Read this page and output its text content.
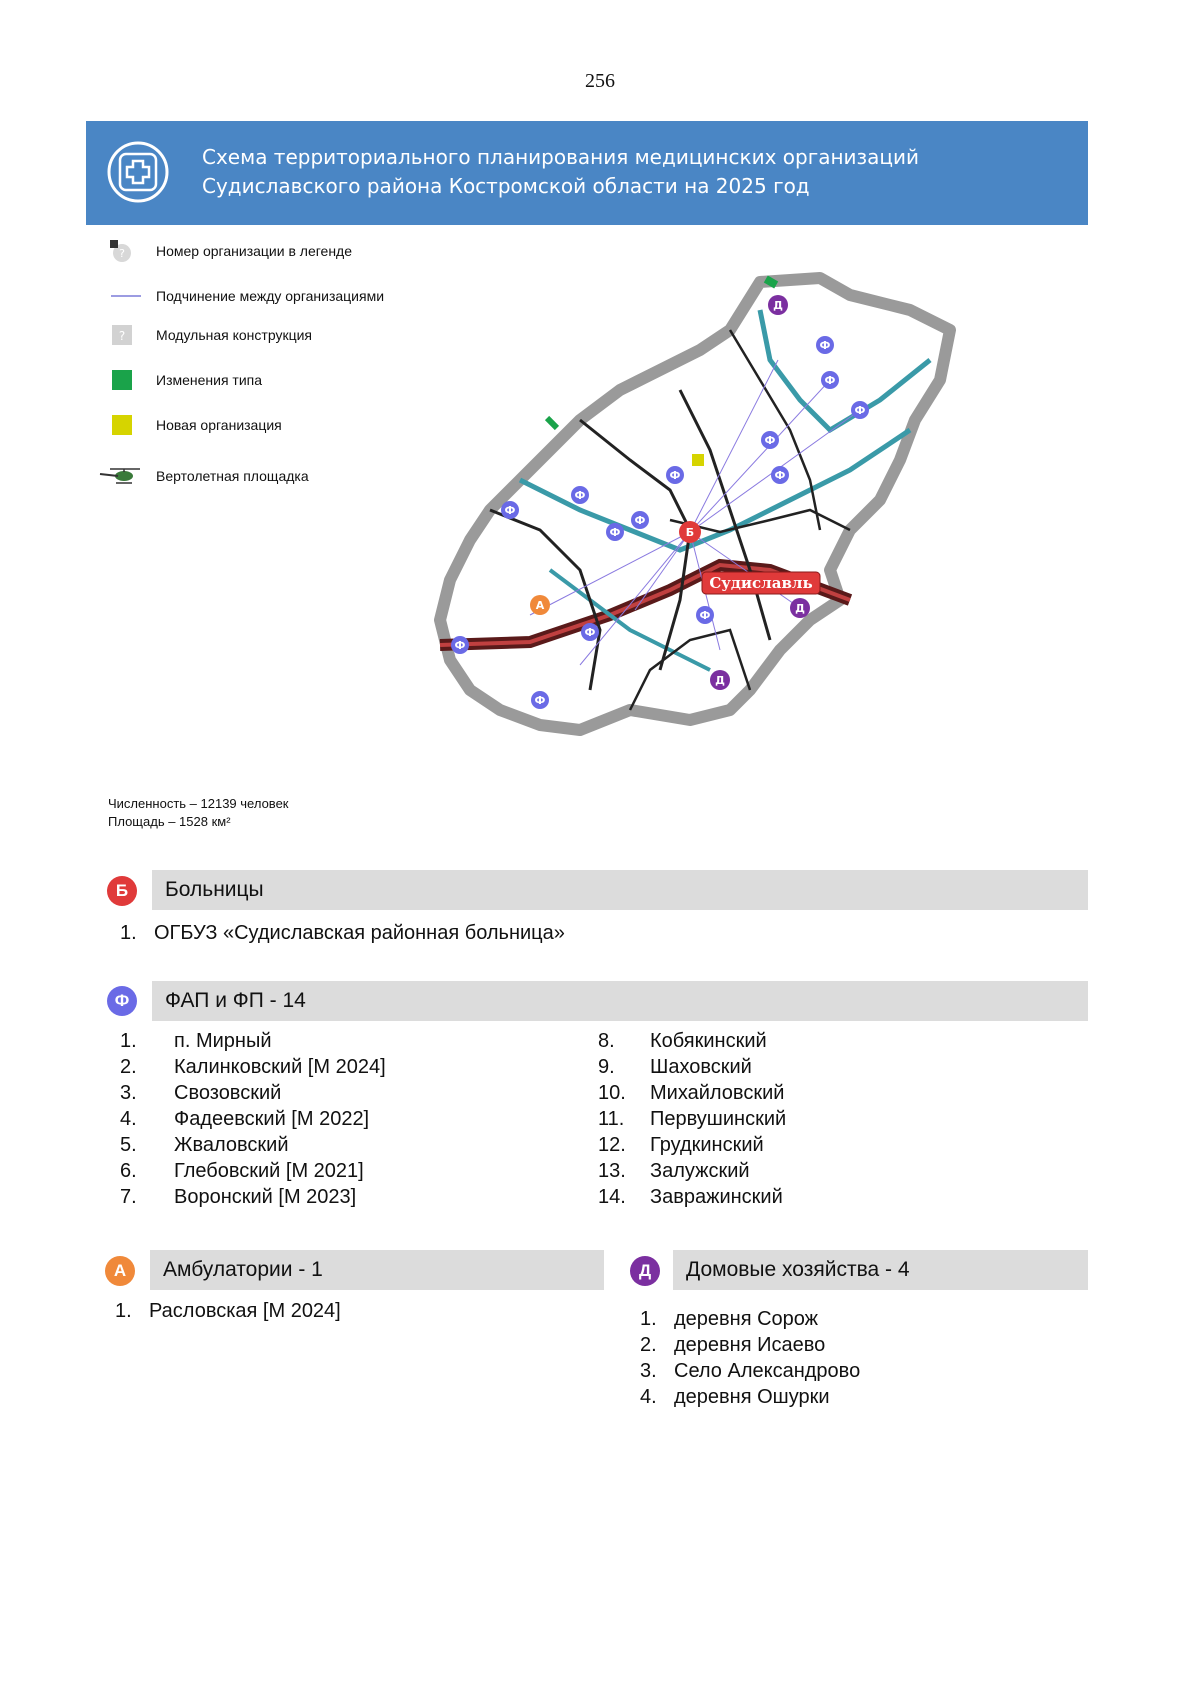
256
Схема территориального планирования медицинских организаций
Судиславского района Костромской области на 2025 год
? Номер организации в легенде
Подчинение между организациями
? Модульная конструкция
Изменения типа
Новая организация
Вертолетная площадка
Б
А
Д
Д
Д
Ф
Ф
Ф
Ф
Ф
Ф
Ф
Ф
Ф
Ф
Ф
Ф
Ф
Ф
Судиславль
Численность – 12139 человек
Площадь – 1528 км²
Б	Больницы
1. ОГБУЗ «Судиславская районная больница»
Ф	ФАП и ФП - 14
1.	п. Мирный
2.	Калинковский [М 2024]
3.	Свозовский
4.	Фадеевский [М 2022]
5.	Жваловский
6.	Глебовский [М 2021]
7.	Воронский [М 2023]
8.	Кобякинский
9.	Шаховский
10.	Михайловский
11.	Первушинский
12.	Грудкинский
13.	Залужский
14.	Завражинский
А	Амбулатории - 1
1. Расловская [М 2024]
Д	Домовые хозяйства - 4
1. деревня Сорож
2. деревня Исаево
3. Село Александрово
4. деревня Ошурки
